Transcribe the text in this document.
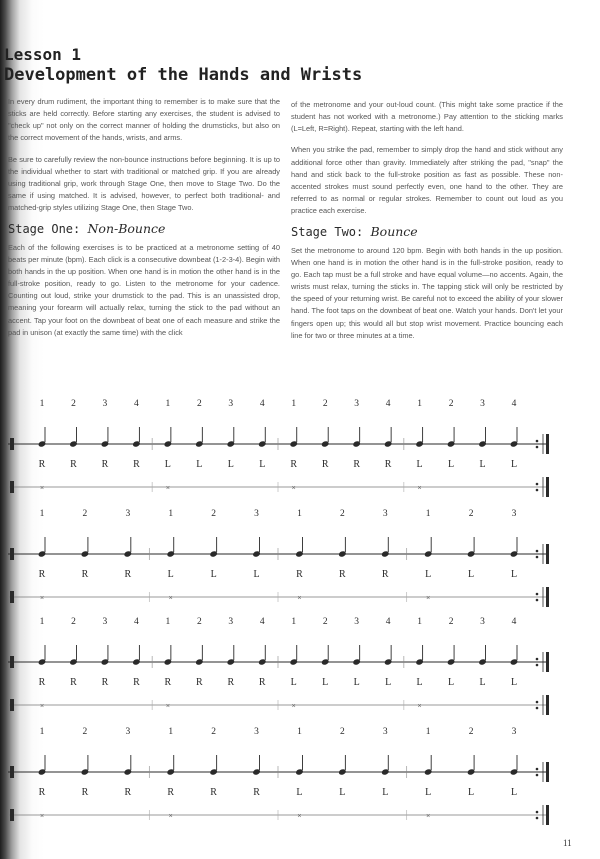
Lesson 1
Development of the Hands and Wrists

In every drum rudiment, the important thing to remember is to make sure that the sticks are held correctly. Before starting any exercises, the student is advised to "check up" not only on the correct manner of holding the drumsticks, but also on the correct movement of the hands, wrists, and arms.

Be sure to carefully review the non-bounce instructions before beginning. It is up to the individual whether to start with traditional or matched grip. If you are already using traditional grip, work through Stage One, then move to Stage Two. Do the same if using matched. It is advised, however, to perfect both traditional- and matched-grip styles utilizing Stage One, then Stage Two.

Stage One: Non-Bounce

Each of the following exercises is to be practiced at a metronome setting of 40 beats per minute (bpm). Each click is a consecutive downbeat (1-2-3-4). Begin with both hands in the up position. When one hand is in motion the other hand is in the full-stroke position, ready to go. Listen to the metronome for your cadence. Counting out loud, strike your drumstick to the pad. This is an unassisted drop, meaning your forearm will actually relax, turning the stick to the pad without an accent. Tap your foot on the downbeat of beat one of each measure and strike the pad in unison (at exactly the same time) with the click

of the metronome and your out-loud count. (This might take some practice if the student has not worked with a metronome.) Pay attention to the sticking marks (L=Left, R=Right). Repeat, starting with the left hand.

When you strike the pad, remember to simply drop the hand and stick without any additional force other than gravity. Immediately after striking the pad, "snap" the hand and stick back to the full-stroke position as fast as possible. These non-accented strokes must sound perfectly even, one hand to the other. They are referred to as normal or regular strokes. Remember to count out loud as you practice each exercise.

Stage Two: Bounce

Set the metronome to around 120 bpm. Begin with both hands in the up position. When one hand is in motion the other hand is in the full-stroke position, ready to go. Each tap must be a full stroke and have equal volume—no accents. Again, the wrists must relax, turning the sticks in. The tapping stick will only be restricted by the speed of your returning wrist. Be careful not to exceed the ability of your slower hand. The foot taps on the downbeat of beat one. Watch your hands. Don't let your fingers open up; this would all but stop wrist movement. Practice bouncing each line for two or three minutes at a time.

1
R
×
2
R
3
R
4
R
1
L
×
2
L
3
L
4
L
1
R
×
2
R
3
R
4
R
1
L
×
2
L
3
L
4
L
1
R
×
2
R
3
R
1
L
×
2
L
3
L
1
R
×
2
R
3
R
1
L
×
2
L
3
L
1
R
×
2
R
3
R
4
R
1
R
×
2
R
3
R
4
R
1
L
×
2
L
3
L
4
L
1
L
×
2
L
3
L
4
L
1
R
×
2
R
3
R
1
R
×
2
R
3
R
1
L
×
2
L
3
L
1
L
×
2
L
3
L
11
